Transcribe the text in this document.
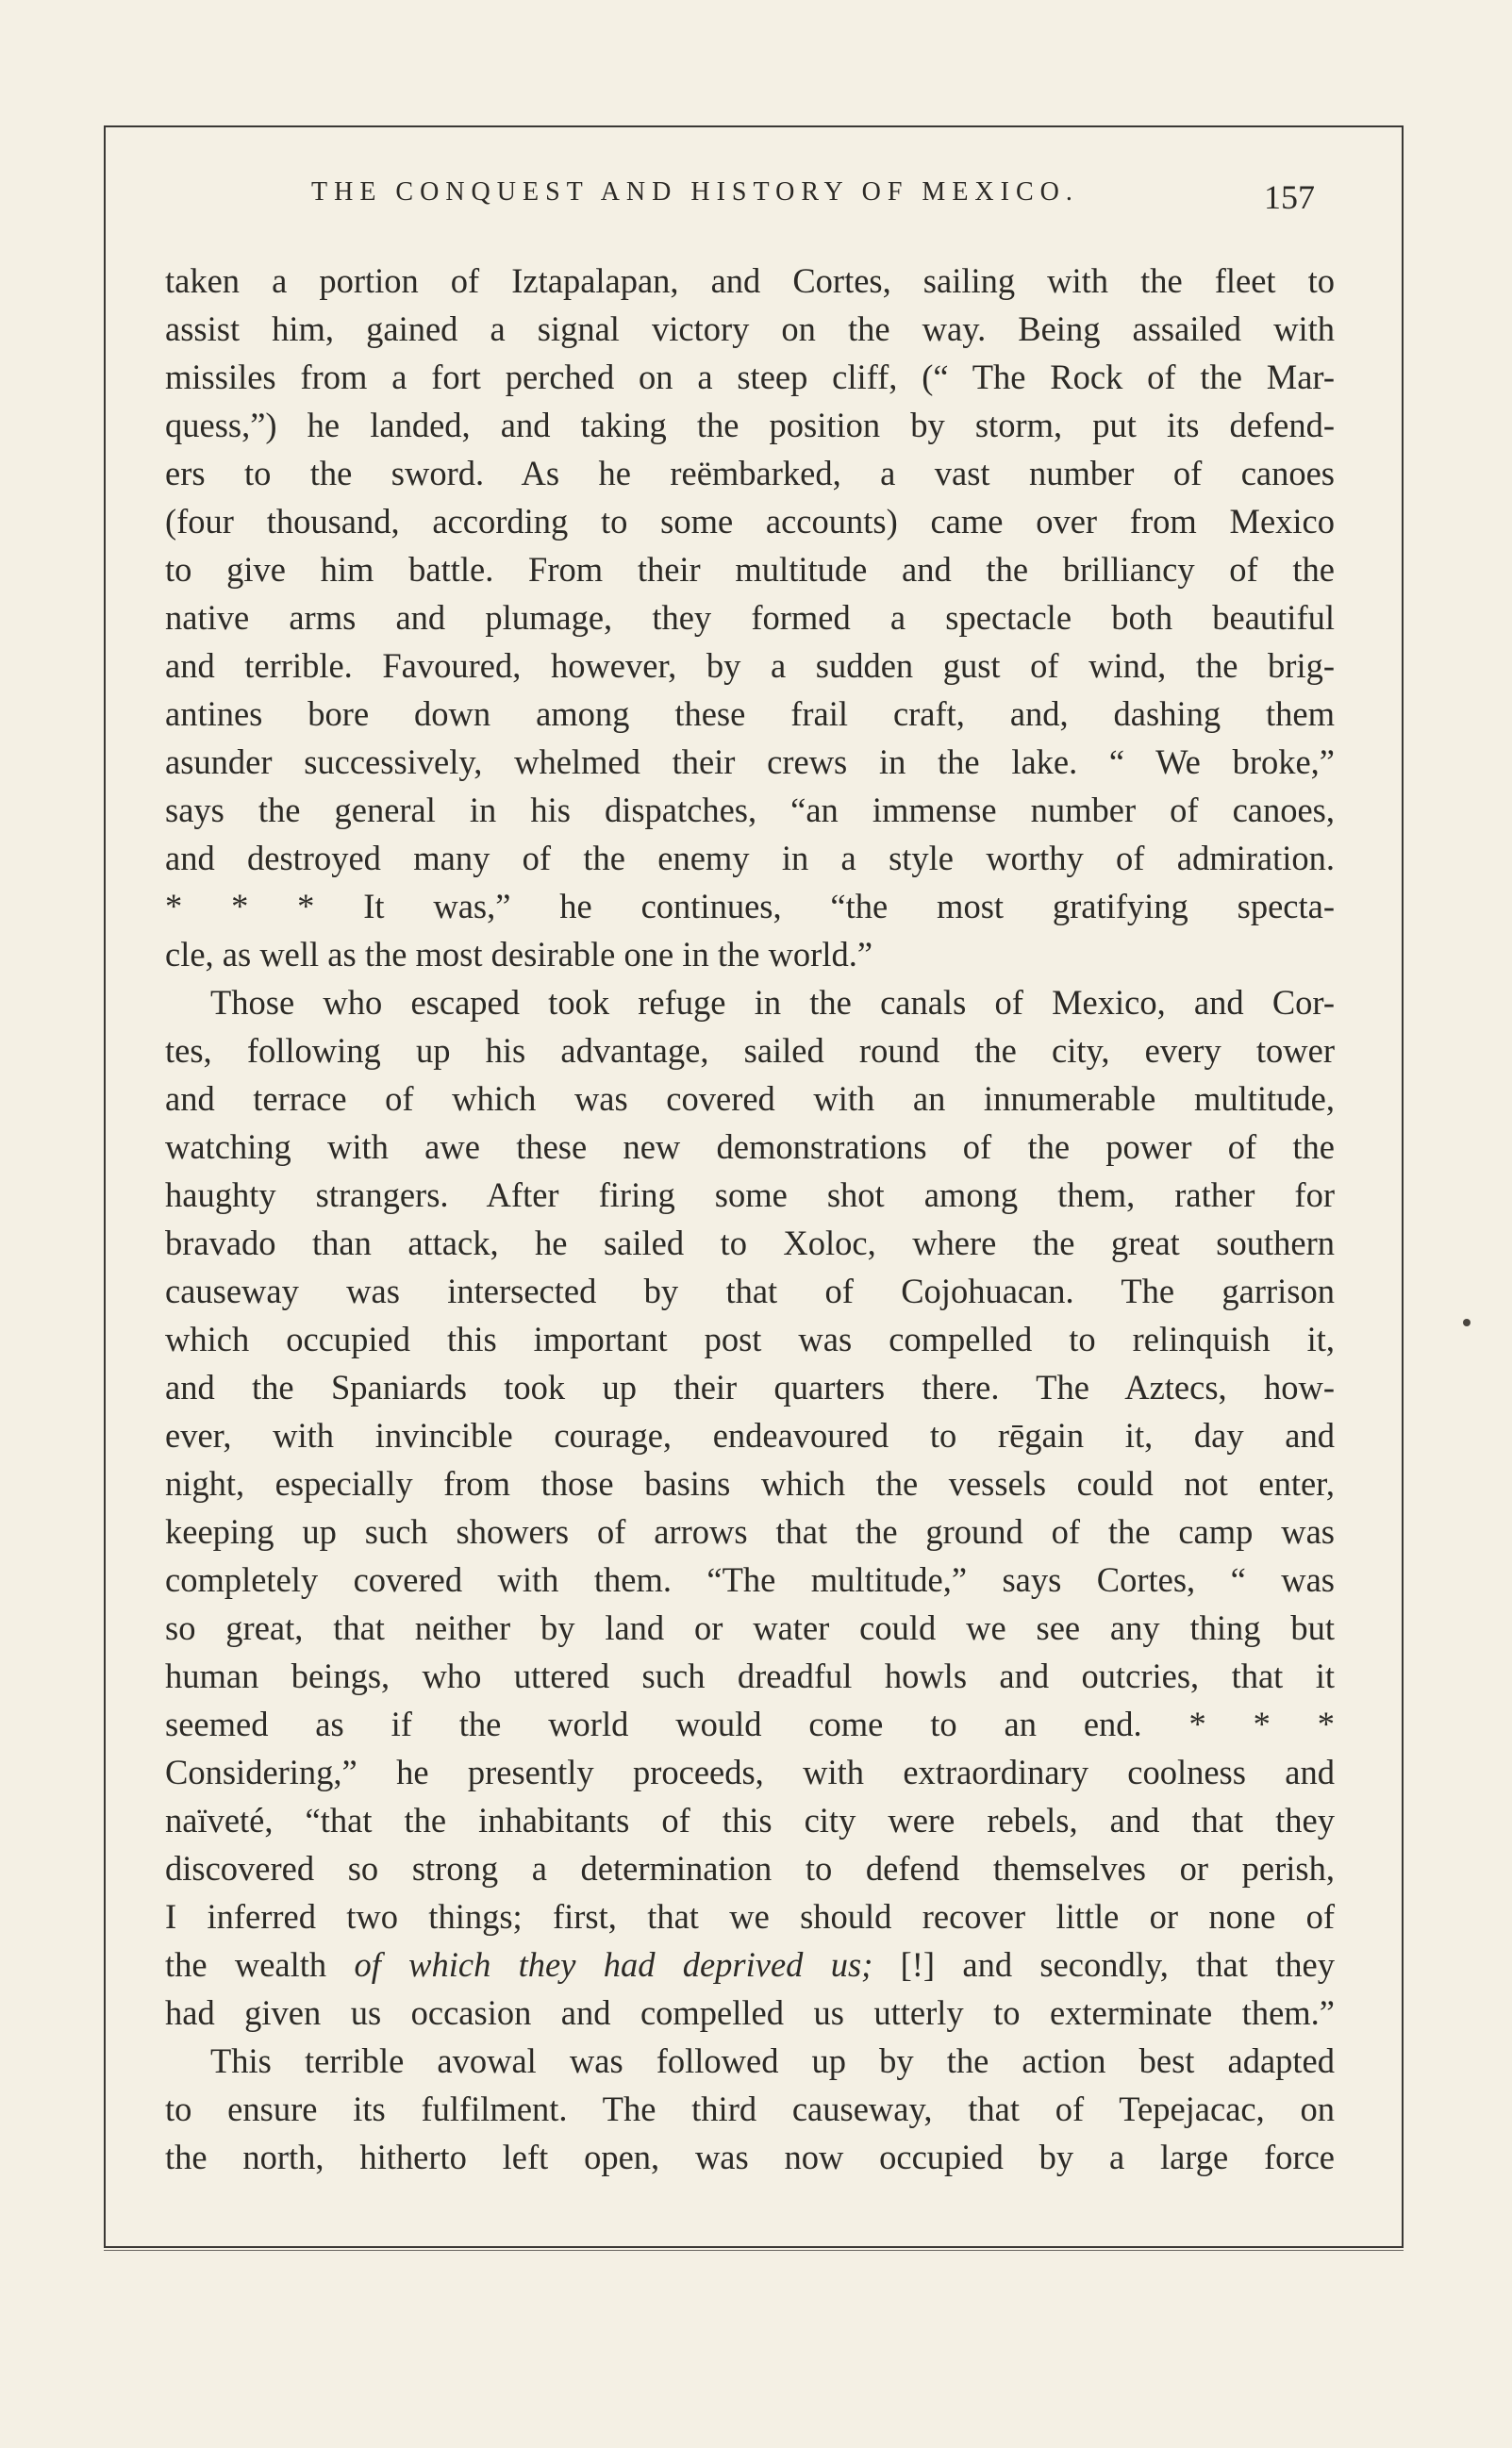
THE CONQUEST AND HISTORY OF MEXICO.	157
taken a portion of Iztapalapan, and Cortes, sailing with the fleet to
assist him, gained a signal victory on the way. Being assailed with
missiles from a fort perched on a steep cliff, (“ The Rock of the Mar-
quess,”) he landed, and taking the position by storm, put its defend-
ers to the sword. As he reëmbarked, a vast number of canoes
(four thousand, according to some accounts) came over from Mexico
to give him battle. From their multitude and the brilliancy of the
native arms and plumage, they formed a spectacle both beautiful
and terrible. Favoured, however, by a sudden gust of wind, the brig-
antines bore down among these frail craft, and, dashing them
asunder successively, whelmed their crews in the lake. “ We broke,”
says the general in his dispatches, “an immense number of canoes,
and destroyed many of the enemy in a style worthy of admiration.
* * * It was,” he continues, “the most gratifying specta-
cle, as well as the most desirable one in the world.”
Those who escaped took refuge in the canals of Mexico, and Cor-
tes, following up his advantage, sailed round the city, every tower
and terrace of which was covered with an innumerable multitude,
watching with awe these new demonstrations of the power of the
haughty strangers. After firing some shot among them, rather for
bravado than attack, he sailed to Xoloc, where the great southern
causeway was intersected by that of Cojohuacan. The garrison
which occupied this important post was compelled to relinquish it,
and the Spaniards took up their quarters there. The Aztecs, how-
ever, with invincible courage, endeavoured to rēgain it, day and
night, especially from those basins which the vessels could not enter,
keeping up such showers of arrows that the ground of the camp was
completely covered with them. “The multitude,” says Cortes, “ was
so great, that neither by land or water could we see any thing but
human beings, who uttered such dreadful howls and outcries, that it
seemed as if the world would come to an end. * * *
Considering,” he presently proceeds, with extraordinary coolness and
naïveté, “that the inhabitants of this city were rebels, and that they
discovered so strong a determination to defend themselves or perish,
I inferred two things; first, that we should recover little or none of
the wealth of which they had deprived us; [!] and secondly, that they
had given us occasion and compelled us utterly to exterminate them.”
This terrible avowal was followed up by the action best adapted
to ensure its fulfilment. The third causeway, that of Tepejacac, on
the north, hitherto left open, was now occupied by a large force
